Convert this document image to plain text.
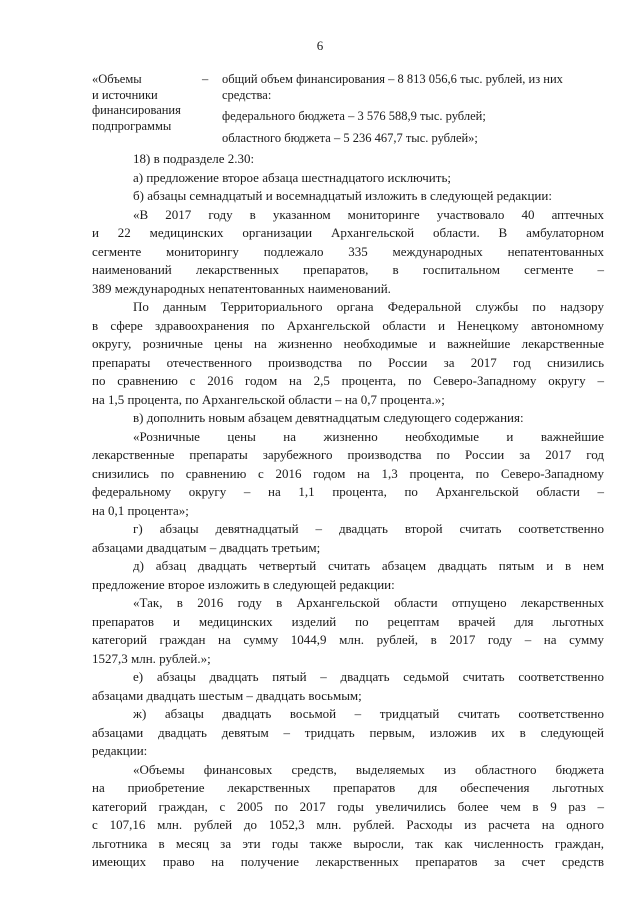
6
«Объемы
и источники
финансирования
подпрограммы
– общий объем финансирования – 8 813 056,6 тыс. рублей, из них
средства:
федерального бюджета – 3 576 588,9 тыс. рублей;
областного бюджета – 5 236 467,7 тыс. рублей»;
18) в подразделе 2.30:
а) предложение второе абзаца шестнадцатого исключить;
б) абзацы семнадцатый и восемнадцатый изложить в следующей редакции:
«В 2017 году в указанном мониторинге участвовало 40 аптечных
и 22 медицинских организации Архангельской области. В амбулаторном
сегменте мониторингу подлежало 335 международных непатентованных
наименований лекарственных препаратов, в госпитальном сегменте –
389 международных непатентованных наименований.
По данным Территориального органа Федеральной службы по надзору
в сфере здравоохранения по Архангельской области и Ненецкому автономному
округу, розничные цены на жизненно необходимые и важнейшие лекарственные
препараты отечественного производства по России за 2017 год снизились
по сравнению с 2016 годом на 2,5 процента, по Северо-Западному округу –
на 1,5 процента, по Архангельской области – на 0,7 процента.»;
в) дополнить новым абзацем девятнадцатым следующего содержания:
«Розничные цены на жизненно необходимые и важнейшие
лекарственные препараты зарубежного производства по России за 2017 год
снизились по сравнению с 2016 годом на 1,3 процента, по Северо-Западному
федеральному округу – на 1,1 процента, по Архангельской области –
на 0,1 процента»;
г) абзацы девятнадцатый – двадцать второй считать соответственно
абзацами двадцатым – двадцать третьим;
д) абзац двадцать четвертый считать абзацем двадцать пятым и в нем
предложение второе изложить в следующей редакции:
«Так, в 2016 году в Архангельской области отпущено лекарственных
препаратов и медицинских изделий по рецептам врачей для льготных
категорий граждан на сумму 1044,9 млн. рублей, в 2017 году – на сумму
1527,3 млн. рублей.»;
е) абзацы двадцать пятый – двадцать седьмой считать соответственно
абзацами двадцать шестым – двадцать восьмым;
ж) абзацы двадцать восьмой – тридцатый считать соответственно
абзацами двадцать девятым – тридцать первым, изложив их в следующей
редакции:
«Объемы финансовых средств, выделяемых из областного бюджета
на приобретение лекарственных препаратов для обеспечения льготных
категорий граждан, с 2005 по 2017 годы увеличились более чем в 9 раз –
с 107,16 млн. рублей до 1052,3 млн. рублей. Расходы из расчета на одного
льготника в месяц за эти годы также выросли, так как численность граждан,
имеющих право на получение лекарственных препаратов за счет средств
